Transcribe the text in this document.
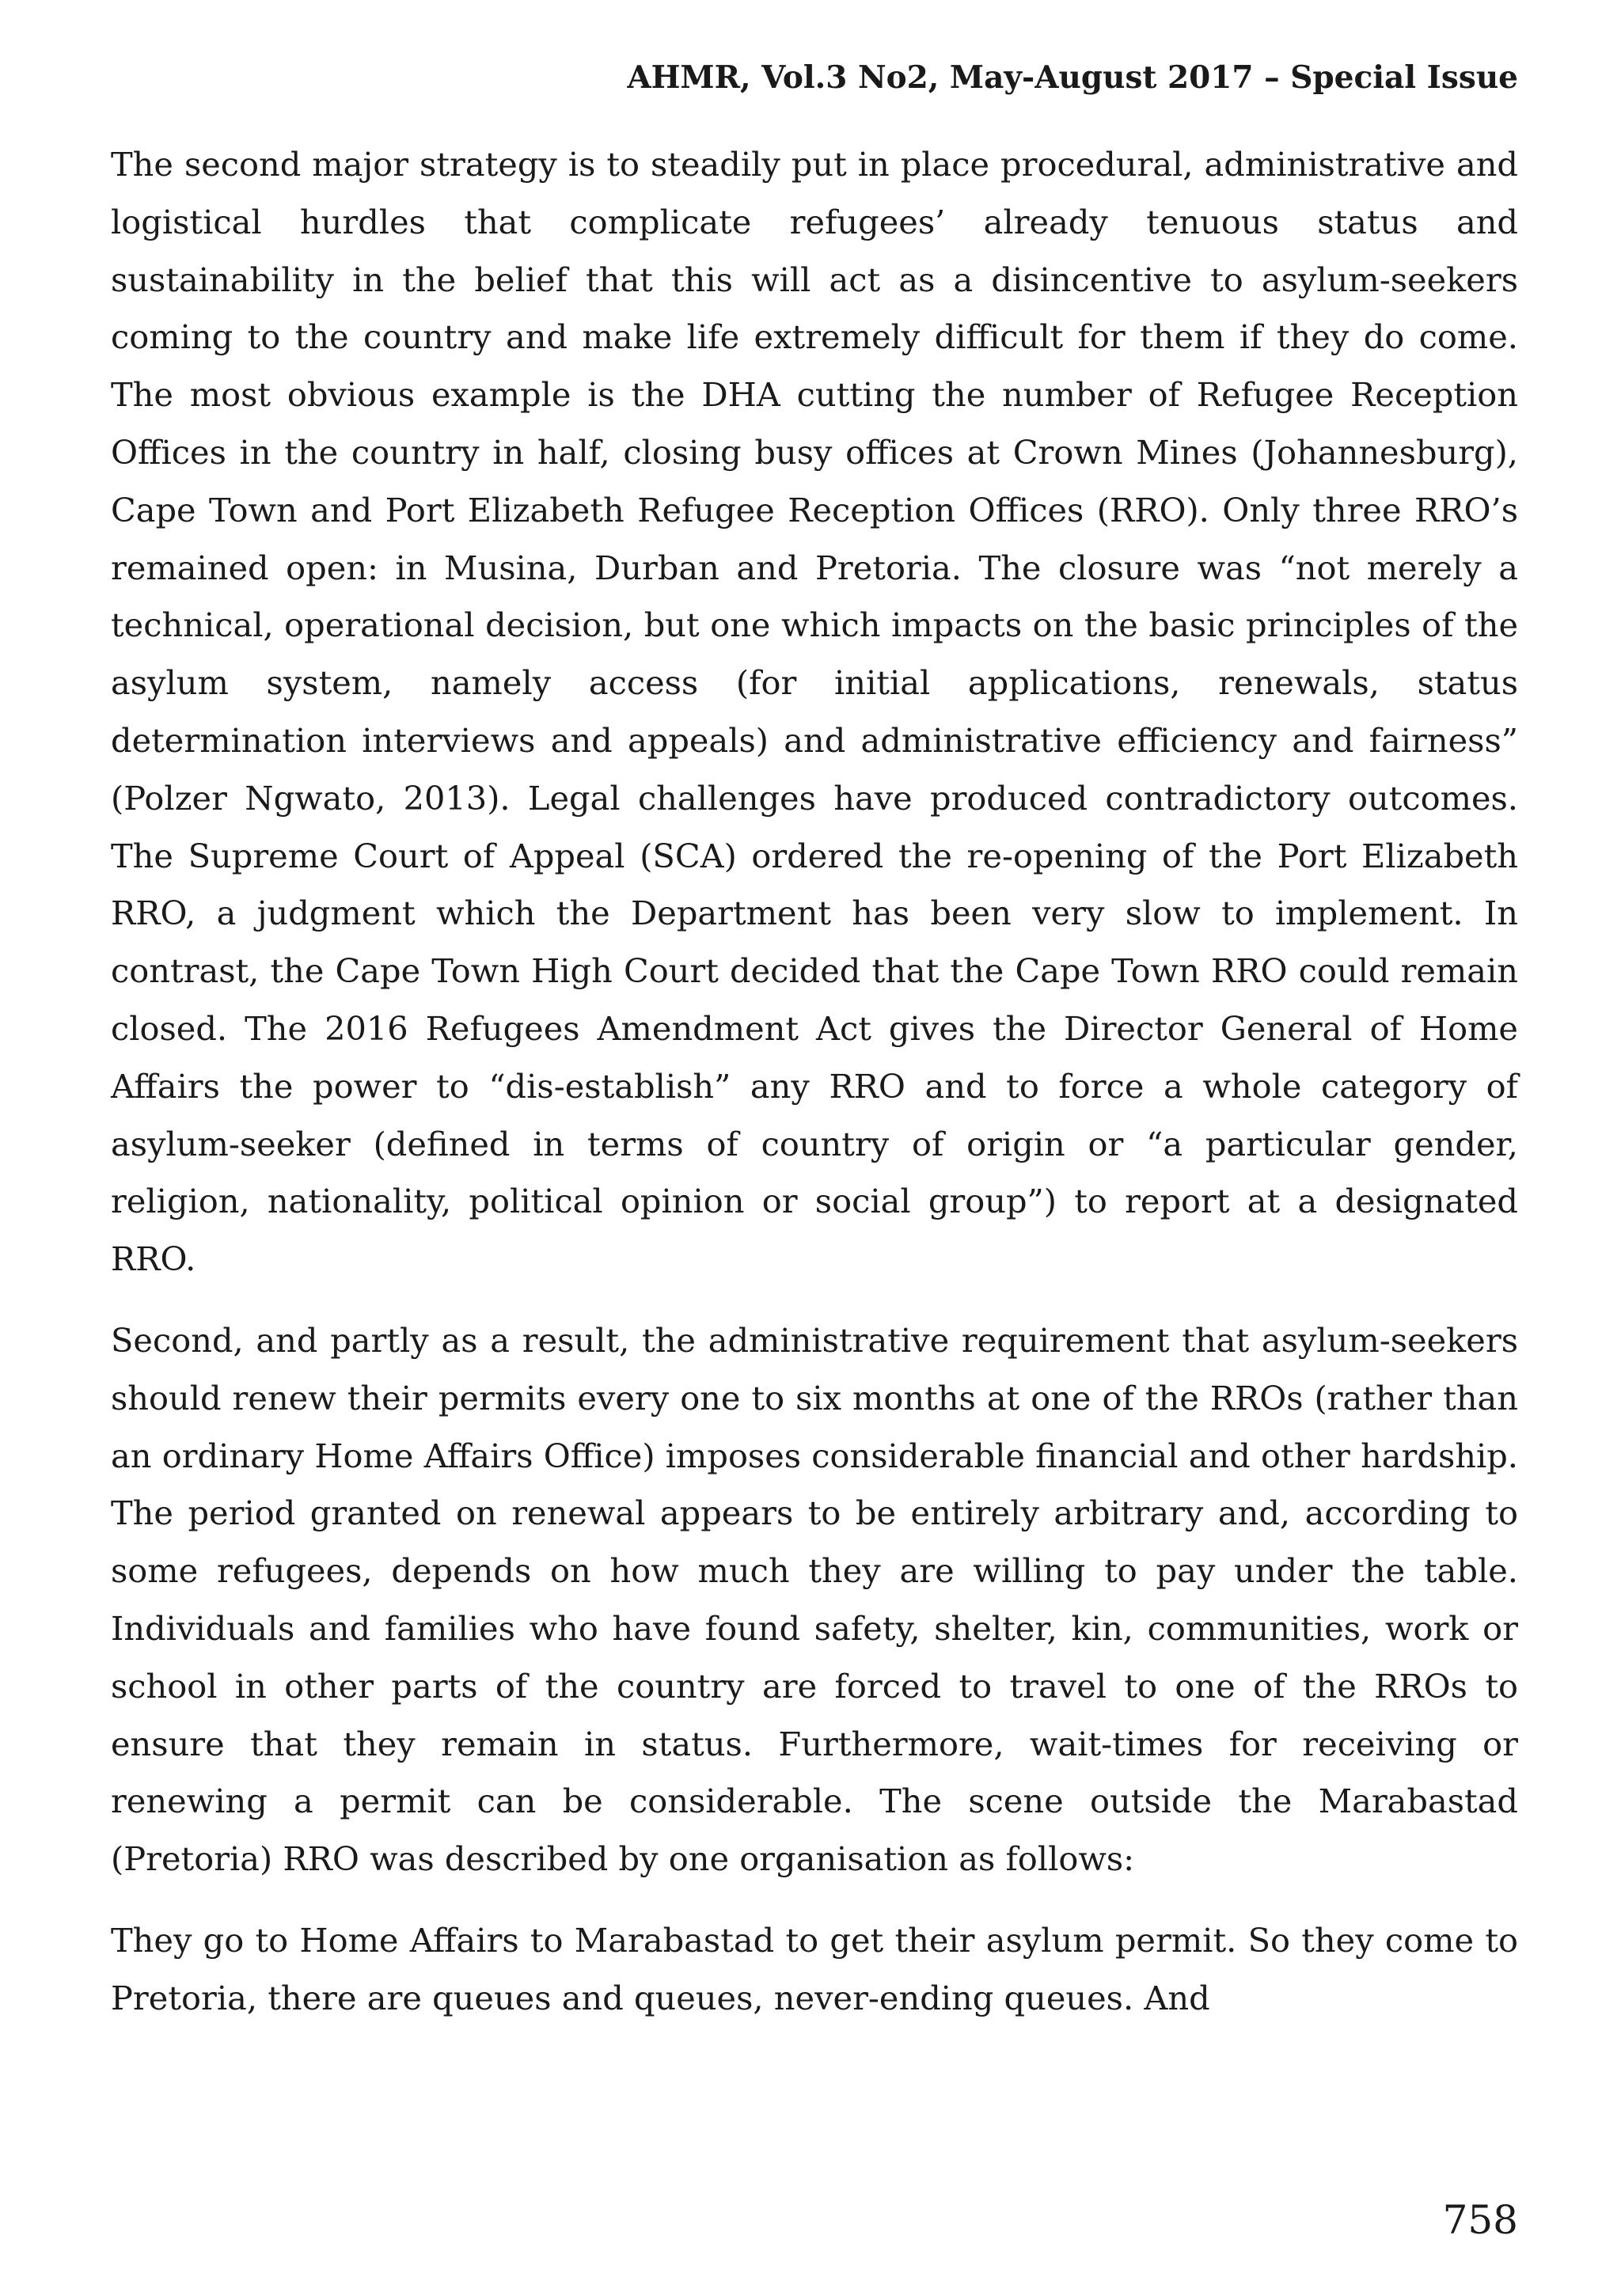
AHMR, Vol.3 No2, May-August 2017 – Special Issue

The second major strategy is to steadily put in place procedural, administrative and logistical hurdles that complicate refugees’ already tenuous status and sustainability in the belief that this will act as a disincentive to asylum-seekers coming to the country and make life extremely difficult for them if they do come. The most obvious example is the DHA cutting the number of Refugee Reception Offices in the country in half, closing busy offices at Crown Mines (Johannesburg), Cape Town and Port Elizabeth Refugee Reception Offices (RRO). Only three RRO’s remained open: in Musina, Durban and Pretoria. The closure was “not merely a technical, operational decision, but one which impacts on the basic principles of the asylum system, namely access (for initial applications, renewals, status determination interviews and appeals) and administrative efficiency and fairness” (Polzer Ngwato, 2013). Legal challenges have produced contradictory outcomes. The Supreme Court of Appeal (SCA) ordered the re-opening of the Port Elizabeth RRO, a judgment which the Department has been very slow to implement. In contrast, the Cape Town High Court decided that the Cape Town RRO could remain closed. The 2016 Refugees Amendment Act gives the Director General of Home Affairs the power to “dis-establish” any RRO and to force a whole category of asylum-seeker (defined in terms of country of origin or “a particular gender, religion, nationality, political opinion or social group”) to report at a designated RRO.

Second, and partly as a result, the administrative requirement that asylum-seekers should renew their permits every one to six months at one of the RROs (rather than an ordinary Home Affairs Office) imposes considerable financial and other hardship. The period granted on renewal appears to be entirely arbitrary and, according to some refugees, depends on how much they are willing to pay under the table. Individuals and families who have found safety, shelter, kin, communities, work or school in other parts of the country are forced to travel to one of the RROs to ensure that they remain in status. Furthermore, wait-times for receiving or renewing a permit can be considerable. The scene outside the Marabastad (Pretoria) RRO was described by one organisation as follows:

They go to Home Affairs to Marabastad to get their asylum permit. So they come to Pretoria, there are queues and queues, never-ending queues. And

758
